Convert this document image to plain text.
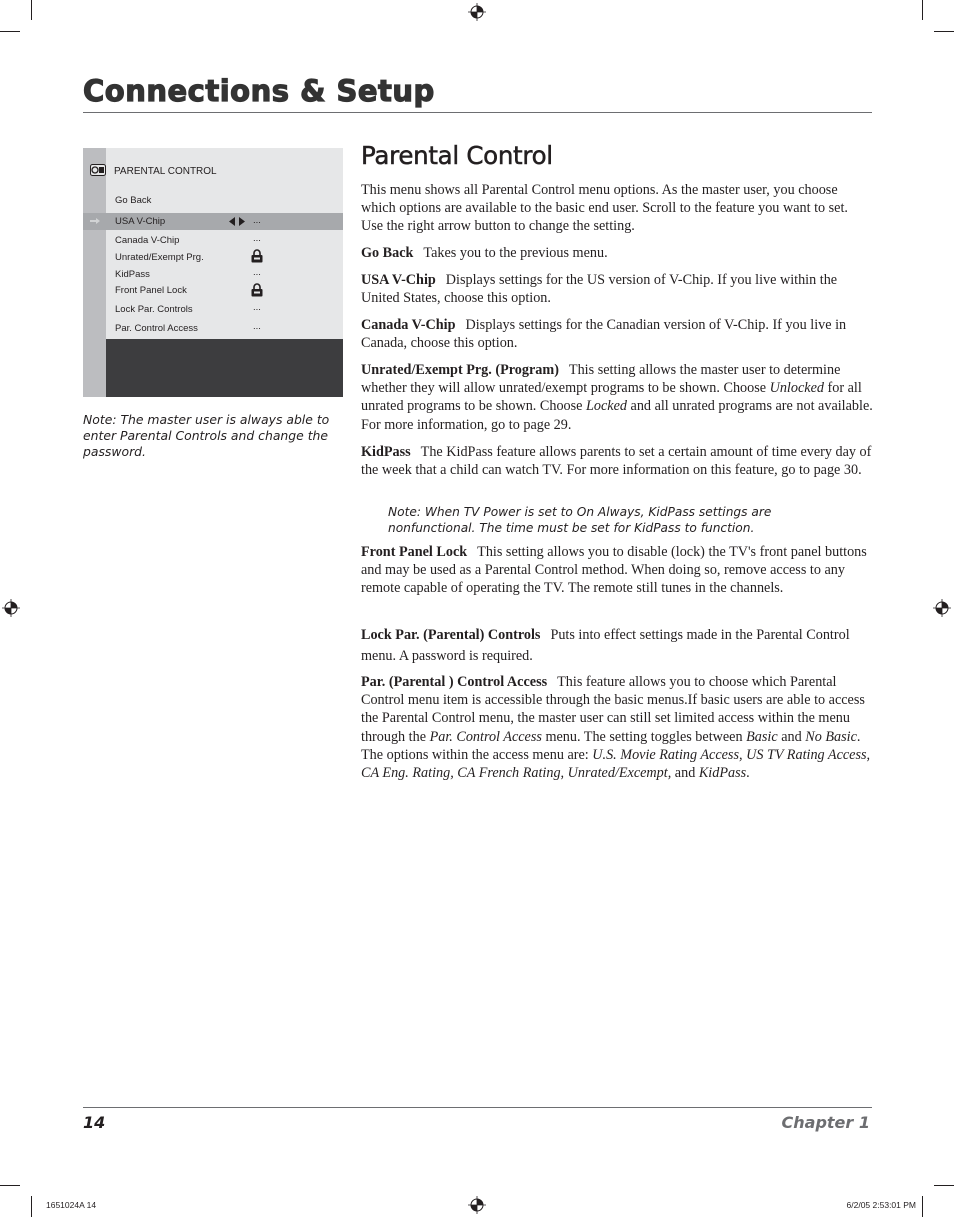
Connections & Setup
PARENTAL CONTROL
Go Back
USA V-Chip	...
Canada V-Chip	...
Unrated/Exempt Prg.
KidPass	...
Front Panel Lock
Lock Par. Controls	...
Par. Control Access	...

Note: The master user is always able to enter Parental Controls and change the password.

Parental Control

This menu shows all Parental Control menu options. As the master user, you choose which options are available to the basic end user. Scroll to the feature you want to set. Use the right arrow button to change the setting.

Go Back Takes you to the previous menu.

USA V-Chip Displays settings for the US version of V-Chip. If you live within the United States, choose this option.

Canada V-Chip Displays settings for the Canadian version of V-Chip. If you live in Canada, choose this option.

Unrated/Exempt Prg. (Program) This setting allows the master user to determine whether they will allow unrated/exempt programs to be shown. Choose Unlocked for all unrated programs to be shown. Choose Locked and all unrated programs are not available. For more information, go to page 29.

KidPass The KidPass feature allows parents to set a certain amount of time every day of the week that a child can watch TV. For more information on this feature, go to page 30.

Note: When TV Power is set to On Always, KidPass settings are nonfunctional. The time must be set for KidPass to function.

Front Panel Lock This setting allows you to disable (lock) the TV's front panel buttons and may be used as a Parental Control method. When doing so, remove access to any remote capable of operating the TV. The remote still tunes in the channels.

Lock Par. (Parental) Controls Puts into effect settings made in the Parental Control menu. A password is required.

Par. (Parental ) Control Access This feature allows you to choose which Parental Control menu item is accessible through the basic menus.If basic users are able to access the Parental Control menu, the master user can still set limited access within the menu through the Par. Control Access menu. The setting toggles between Basic and No Basic. The options within the access menu are: U.S. Movie Rating Access, US TV Rating Access, CA Eng. Rating, CA French Rating, Unrated/Excempt, and KidPass.

14	Chapter 1
1651024A 14	6/2/05 2:53:01 PM
